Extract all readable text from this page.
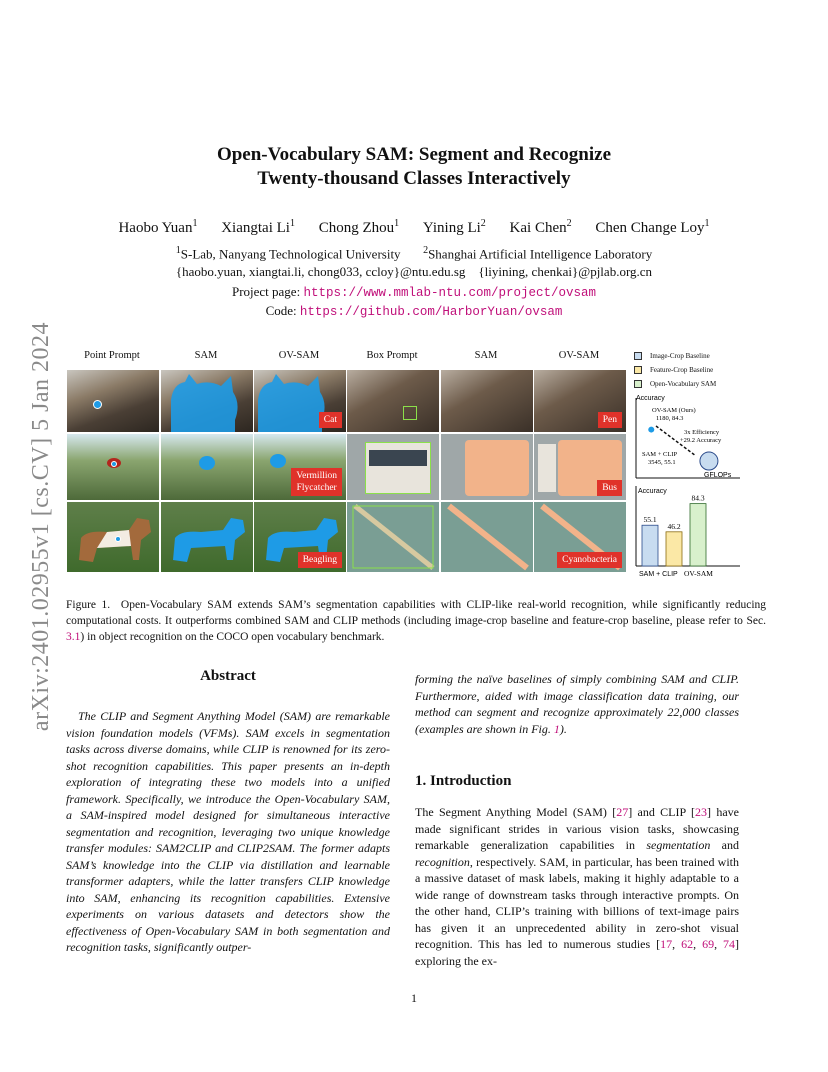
arXiv:2401.02955v1 [cs.CV] 5 Jan 2024
Open-Vocabulary SAM: Segment and Recognize
Twenty-thousand Classes Interactively
Haobo Yuan$^1$ Xiangtai Li$^1$ Chong Zhou$^1$ Yining Li$^2$ Kai Chen$^2$ Chen Change Loy$^1$
$^1$S-Lab, Nanyang Technological University $^2$Shanghai Artificial Intelligence Laboratory
{haobo.yuan, xiangtai.li, chong033, ccloy}@ntu.edu.sg    {liyining, chenkai}@pjlab.org.cn
Project page: https://www.mmlab-ntu.com/project/ovsam
Code: https://github.com/HarborYuan/ovsam
Point Prompt	SAM	OV-SAM	Box Prompt	SAM	OV-SAM
Cat	Pen
Vermillion
Flycatcher	Bus
Beagling	Cyanobacteria
Image-Crop Baseline
Feature-Crop Baseline
Open-Vocabulary SAM
Accuracy
GFLOPs
OV-SAM (Ours)
1180, 84.3
3x Efficiency
+29.2 Accuracy
SAM + CLIP
3545, 55.1
Accuracy
55.1
46.2
84.3
SAM + CLIP OV-SAM
Figure 1. Open-Vocabulary SAM extends SAM’s segmentation capabilities with CLIP-like real-world recognition, while significantly reducing computational costs. It outperforms combined SAM and CLIP methods (including image-crop baseline and feature-crop baseline, please refer to Sec. 3.1) in object recognition on the COCO open vocabulary benchmark.
Abstract
The CLIP and Segment Anything Model (SAM) are remarkable vision foundation models (VFMs). SAM excels in segmentation tasks across diverse domains, while CLIP is renowned for its zero-shot recognition capabilities. This paper presents an in-depth exploration of integrating these two models into a unified framework. Specifically, we introduce the Open-Vocabulary SAM, a SAM-inspired model designed for simultaneous interactive segmentation and recognition, leveraging two unique knowledge transfer modules: SAM2CLIP and CLIP2SAM. The former adapts SAM’s knowledge into the CLIP via distillation and learnable transformer adapters, while the latter transfers CLIP knowledge into SAM, enhancing its recognition capabilities. Extensive experiments on various datasets and detectors show the effectiveness of Open-Vocabulary SAM in both segmentation and recognition tasks, significantly outper-
forming the naïve baselines of simply combining SAM and CLIP. Furthermore, aided with image classification data training, our method can segment and recognize approximately 22,000 classes (examples are shown in Fig. 1).
1. Introduction
The Segment Anything Model (SAM) [27] and CLIP [23] have made significant strides in various vision tasks, showcasing remarkable generalization capabilities in segmentation and recognition, respectively. SAM, in particular, has been trained with a massive dataset of mask labels, making it highly adaptable to a wide range of downstream tasks through interactive prompts. On the other hand, CLIP’s training with billions of text-image pairs has given it an unprecedented ability in zero-shot visual recognition. This has led to numerous studies [17, 62, 69, 74] exploring the ex-
1
